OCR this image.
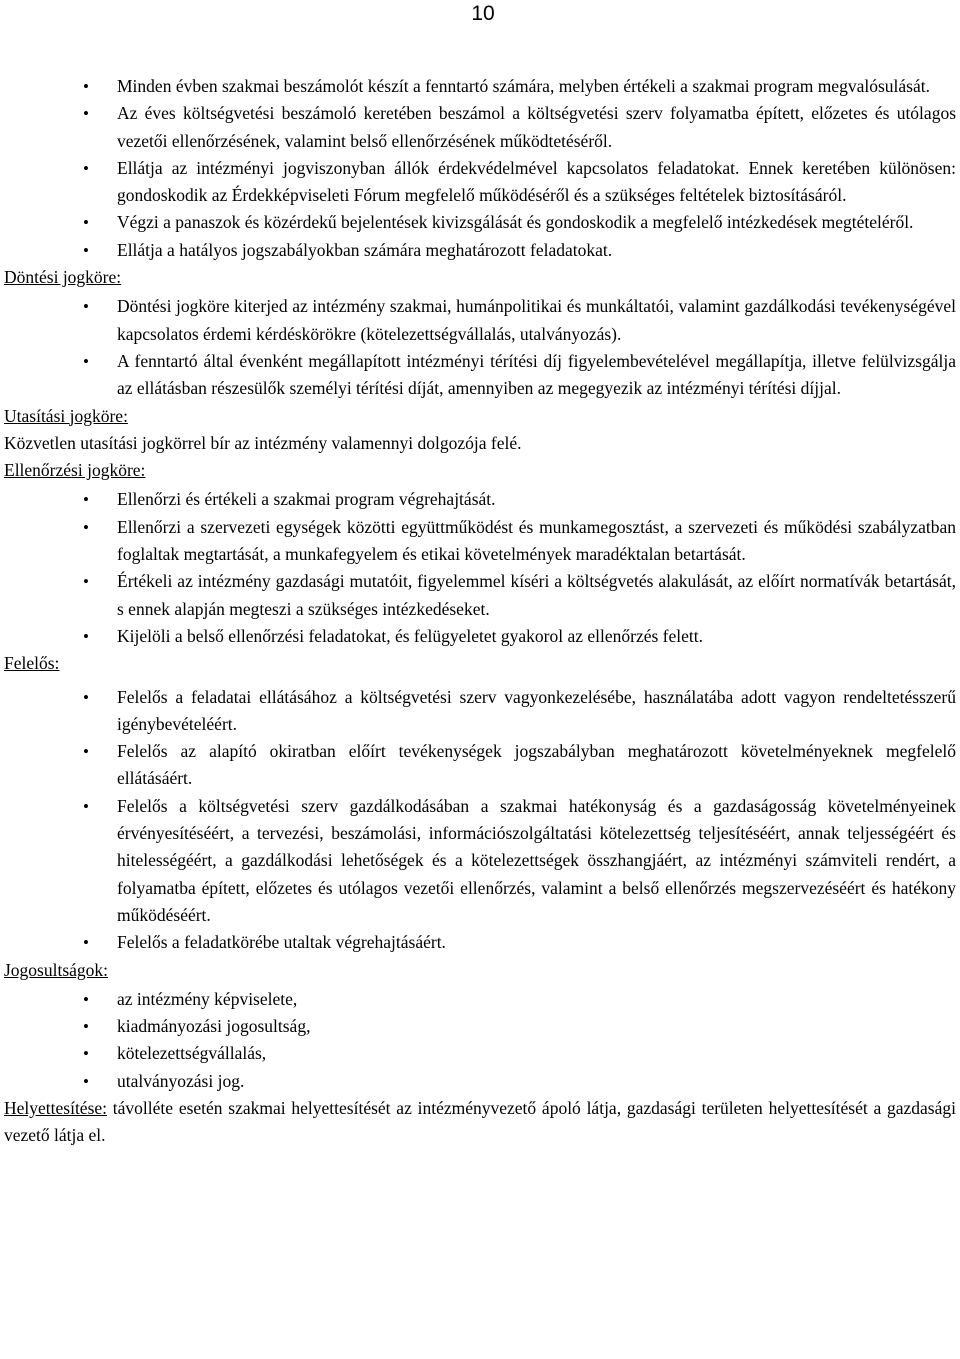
10
• Minden évben szakmai beszámolót készít a fenntartó számára, melyben értékeli a szakmai program megvalósulását.
• Az éves költségvetési beszámoló keretében beszámol a költségvetési szerv folyamatba épített, előzetes és utólagos vezetői ellenőrzésének, valamint belső ellenőrzésének működtetéséről.
• Ellátja az intézményi jogviszonyban állók érdekvédelmével kapcsolatos feladatokat. Ennek keretében különösen: gondoskodik az Érdekképviseleti Fórum megfelelő működéséről és a szükséges feltételek biztosításáról.
• Végzi a panaszok és közérdekű bejelentések kivizsgálását és gondoskodik a megfelelő intézkedések megtételéről.
• Ellátja a hatályos jogszabályokban számára meghatározott feladatokat.
Döntési jogköre:
• Döntési jogköre kiterjed az intézmény szakmai, humánpolitikai és munkáltatói, valamint gazdálkodási tevékenységével kapcsolatos érdemi kérdéskörökre (kötelezettségvállalás, utalványozás).
• A fenntartó által évenként megállapított intézményi térítési díj figyelembevételével megállapítja, illetve felülvizsgálja az ellátásban részesülők személyi térítési díját, amennyiben az megegyezik az intézményi térítési díjjal.
Utasítási jogköre:

Közvetlen utasítási jogkörrel bír az intézmény valamennyi dolgozója felé.

Ellenőrzési jogköre:
• Ellenőrzi és értékeli a szakmai program végrehajtását.
• Ellenőrzi a szervezeti egységek közötti együttműködést és munkamegosztást, a szervezeti és működési szabályzatban foglaltak megtartását, a munkafegyelem és etikai követelmények maradéktalan betartását.
• Értékeli az intézmény gazdasági mutatóit, figyelemmel kíséri a költségvetés alakulását, az előírt normatívák betartását, s ennek alapján megteszi a szükséges intézkedéseket.
• Kijelöli a belső ellenőrzési feladatokat, és felügyeletet gyakorol az ellenőrzés felett.
Felelős:
• Felelős a feladatai ellátásához a költségvetési szerv vagyonkezelésébe, használatába adott vagyon rendeltetésszerű igénybevételéért.
• Felelős az alapító okiratban előírt tevékenységek jogszabályban meghatározott követelményeknek megfelelő ellátásáért.
• Felelős a költségvetési szerv gazdálkodásában a szakmai hatékonyság és a gazdaságosság követelményeinek érvényesítéséért, a tervezési, beszámolási, információszolgáltatási kötelezettség teljesítéséért, annak teljességéért és hitelességéért, a gazdálkodási lehetőségek és a kötelezettségek összhangjáért, az intézményi számviteli rendért, a folyamatba épített, előzetes és utólagos vezetői ellenőrzés, valamint a belső ellenőrzés megszervezéséért és hatékony működéséért.
• Felelős a feladatkörébe utaltak végrehajtásáért.
Jogosultságok:
• az intézmény képviselete,
• kiadmányozási jogosultság,
• kötelezettségvállalás,
• utalványozási jog.

Helyettesítése: távolléte esetén szakmai helyettesítését az intézményvezető ápoló látja, gazdasági területen helyettesítését a gazdasági vezető látja el.
